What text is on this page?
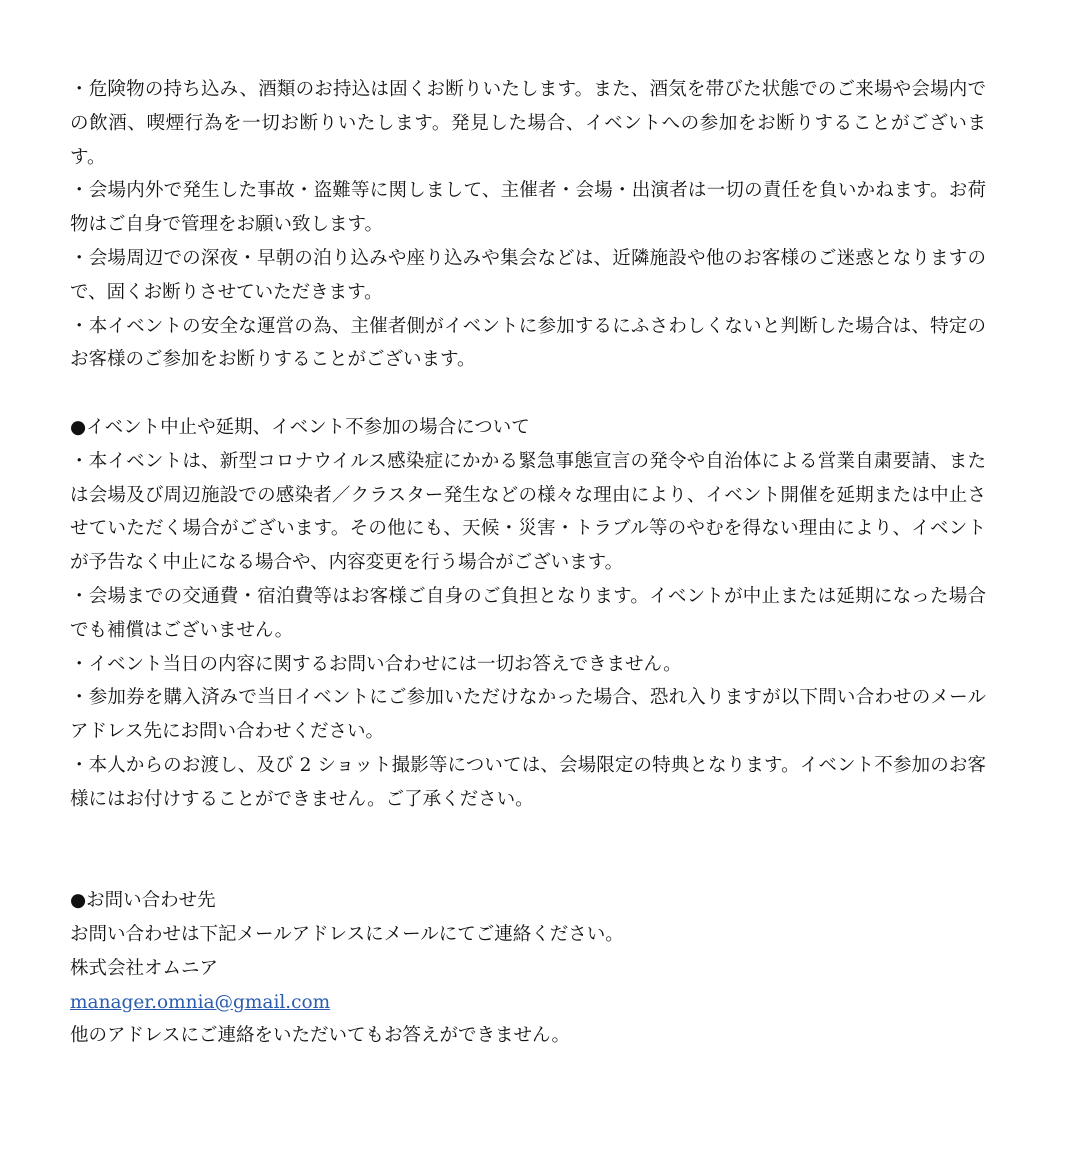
・危険物の持ち込み、酒類のお持込は固くお断りいたします。また、酒気を帯びた状態でのご来場や会場内での飲酒、喫煙行為を一切お断りいたします。発見した場合、イベントへの参加をお断りすることがございます。

・会場内外で発生した事故・盗難等に関しまして、主催者・会場・出演者は一切の責任を負いかねます。お荷物はご自身で管理をお願い致します。

・会場周辺での深夜・早朝の泊り込みや座り込みや集会などは、近隣施設や他のお客様のご迷惑となりますので、固くお断りさせていただきます。

・本イベントの安全な運営の為、主催者側がイベントに参加するにふさわしくないと判断した場合は、特定のお客様のご参加をお断りすることがございます。

●イベント中止や延期、イベント不参加の場合について

・本イベントは、新型コロナウイルス感染症にかかる緊急事態宣言の発令や自治体による営業自粛要請、または会場及び周辺施設での感染者／クラスター発生などの様々な理由により、イベント開催を延期または中止させていただく場合がございます。その他にも、天候・災害・トラブル等のやむを得ない理由により、イベントが予告なく中止になる場合や、内容変更を行う場合がございます。

・会場までの交通費・宿泊費等はお客様ご自身のご負担となります。イベントが中止または延期になった場合でも補償はございません。

・イベント当日の内容に関するお問い合わせには一切お答えできません。

・参加券を購入済みで当日イベントにご参加いただけなかった場合、恐れ入りますが以下問い合わせのメールアドレス先にお問い合わせください。

・本人からのお渡し、及び 2 ショット撮影等については、会場限定の特典となります。イベント不参加のお客様にはお付けすることができません。ご了承ください。

●お問い合わせ先

お問い合わせは下記メールアドレスにメールにてご連絡ください。

株式会社オムニア

manager.omnia@gmail.com

他のアドレスにご連絡をいただいてもお答えができません。
